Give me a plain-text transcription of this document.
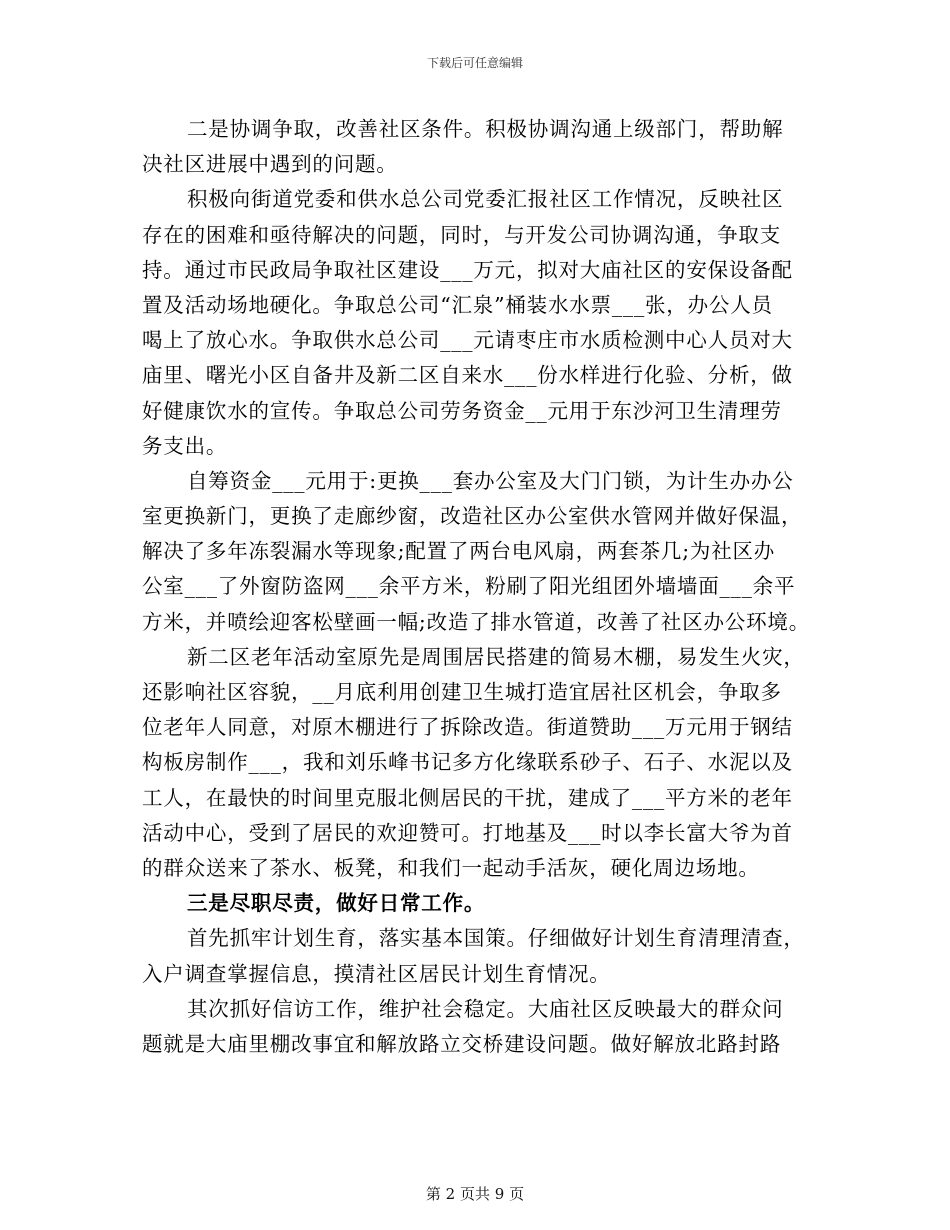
下载后可任意编辑
二是协调争取，改善社区条件。积极协调沟通上级部门，帮助解
决社区进展中遇到的问题。
积极向街道党委和供水总公司党委汇报社区工作情况，反映社区
存在的困难和亟待解决的问题，同时，与开发公司协调沟通，争取支
持。通过市民政局争取社区建设___万元，拟对大庙社区的安保设备配
置及活动场地硬化。争取总公司“汇泉”桶装水水票___张，办公人员
喝上了放心水。争取供水总公司___元请枣庄市水质检测中心人员对大
庙里、曙光小区自备井及新二区自来水___份水样进行化验、分析，做
好健康饮水的宣传。争取总公司劳务资金__元用于东沙河卫生清理劳
务支出。
自筹资金___元用于:更换___套办公室及大门门锁，为计生办办公
室更换新门，更换了走廊纱窗，改造社区办公室供水管网并做好保温，
解决了多年冻裂漏水等现象;配置了两台电风扇，两套茶几;为社区办
公室___了外窗防盗网___余平方米，粉刷了阳光组团外墙墙面___余平
方米，并喷绘迎客松壁画一幅;改造了排水管道，改善了社区办公环境。
新二区老年活动室原先是周围居民搭建的简易木棚，易发生火灾，
还影响社区容貌，__月底利用创建卫生城打造宜居社区机会，争取多
位老年人同意，对原木棚进行了拆除改造。街道赞助___万元用于钢结
构板房制作___，我和刘乐峰书记多方化缘联系砂子、石子、水泥以及
工人，在最快的时间里克服北侧居民的干扰，建成了___平方米的老年
活动中心，受到了居民的欢迎赞可。打地基及___时以李长富大爷为首
的群众送来了茶水、板凳，和我们一起动手活灰，硬化周边场地。
三是尽职尽责，做好日常工作。
首先抓牢计划生育，落实基本国策。仔细做好计划生育清理清查，
入户调查掌握信息，摸清社区居民计划生育情况。
其次抓好信访工作，维护社会稳定。大庙社区反映最大的群众问
题就是大庙里棚改事宜和解放路立交桥建设问题。做好解放北路封路
第 2 页共 9 页
